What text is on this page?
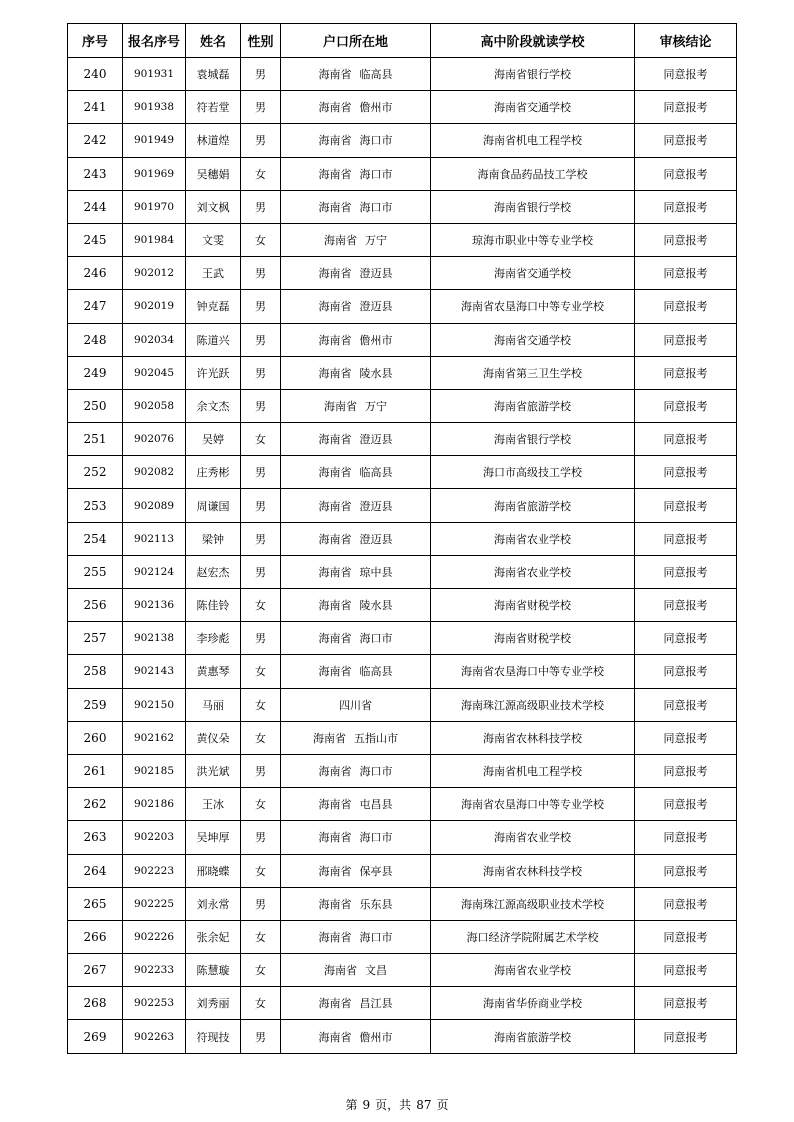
序号	报名序号	姓名	性别	户口所在地	高中阶段就读学校	审核结论
240	901931	袁城磊	男	海南省 临高县	海南省银行学校	同意报考
241	901938	符若堂	男	海南省 儋州市	海南省交通学校	同意报考
242	901949	林道煌	男	海南省 海口市	海南省机电工程学校	同意报考
243	901969	吴穗娟	女	海南省 海口市	海南食品药品技工学校	同意报考
244	901970	刘文枫	男	海南省 海口市	海南省银行学校	同意报考
245	901984	文雯	女	海南省 万宁	琼海市职业中等专业学校	同意报考
246	902012	王武	男	海南省 澄迈县	海南省交通学校	同意报考
247	902019	钟克磊	男	海南省 澄迈县	海南省农垦海口中等专业学校	同意报考
248	902034	陈道兴	男	海南省 儋州市	海南省交通学校	同意报考
249	902045	许光跃	男	海南省 陵水县	海南省第三卫生学校	同意报考
250	902058	余文杰	男	海南省 万宁	海南省旅游学校	同意报考
251	902076	吴婷	女	海南省 澄迈县	海南省银行学校	同意报考
252	902082	庄秀彬	男	海南省 临高县	海口市高级技工学校	同意报考
253	902089	周谦国	男	海南省 澄迈县	海南省旅游学校	同意报考
254	902113	梁钟	男	海南省 澄迈县	海南省农业学校	同意报考
255	902124	赵宏杰	男	海南省 琼中县	海南省农业学校	同意报考
256	902136	陈佳铃	女	海南省 陵水县	海南省财税学校	同意报考
257	902138	李珍彪	男	海南省 海口市	海南省财税学校	同意报考
258	902143	黄惠琴	女	海南省 临高县	海南省农垦海口中等专业学校	同意报考
259	902150	马丽	女	四川省	海南珠江源高级职业技术学校	同意报考
260	902162	黄仪朵	女	海南省 五指山市	海南省农林科技学校	同意报考
261	902185	洪光斌	男	海南省 海口市	海南省机电工程学校	同意报考
262	902186	王冰	女	海南省 屯昌县	海南省农垦海口中等专业学校	同意报考
263	902203	吴坤厚	男	海南省 海口市	海南省农业学校	同意报考
264	902223	邢晓蝶	女	海南省 保亭县	海南省农林科技学校	同意报考
265	902225	刘永常	男	海南省 乐东县	海南珠江源高级职业技术学校	同意报考
266	902226	张余妃	女	海南省 海口市	海口经济学院附属艺术学校	同意报考
267	902233	陈慧璇	女	海南省 文昌	海南省农业学校	同意报考
268	902253	刘秀丽	女	海南省 昌江县	海南省华侨商业学校	同意报考
269	902263	符现技	男	海南省 儋州市	海南省旅游学校	同意报考
第 9 页，共 87 页
